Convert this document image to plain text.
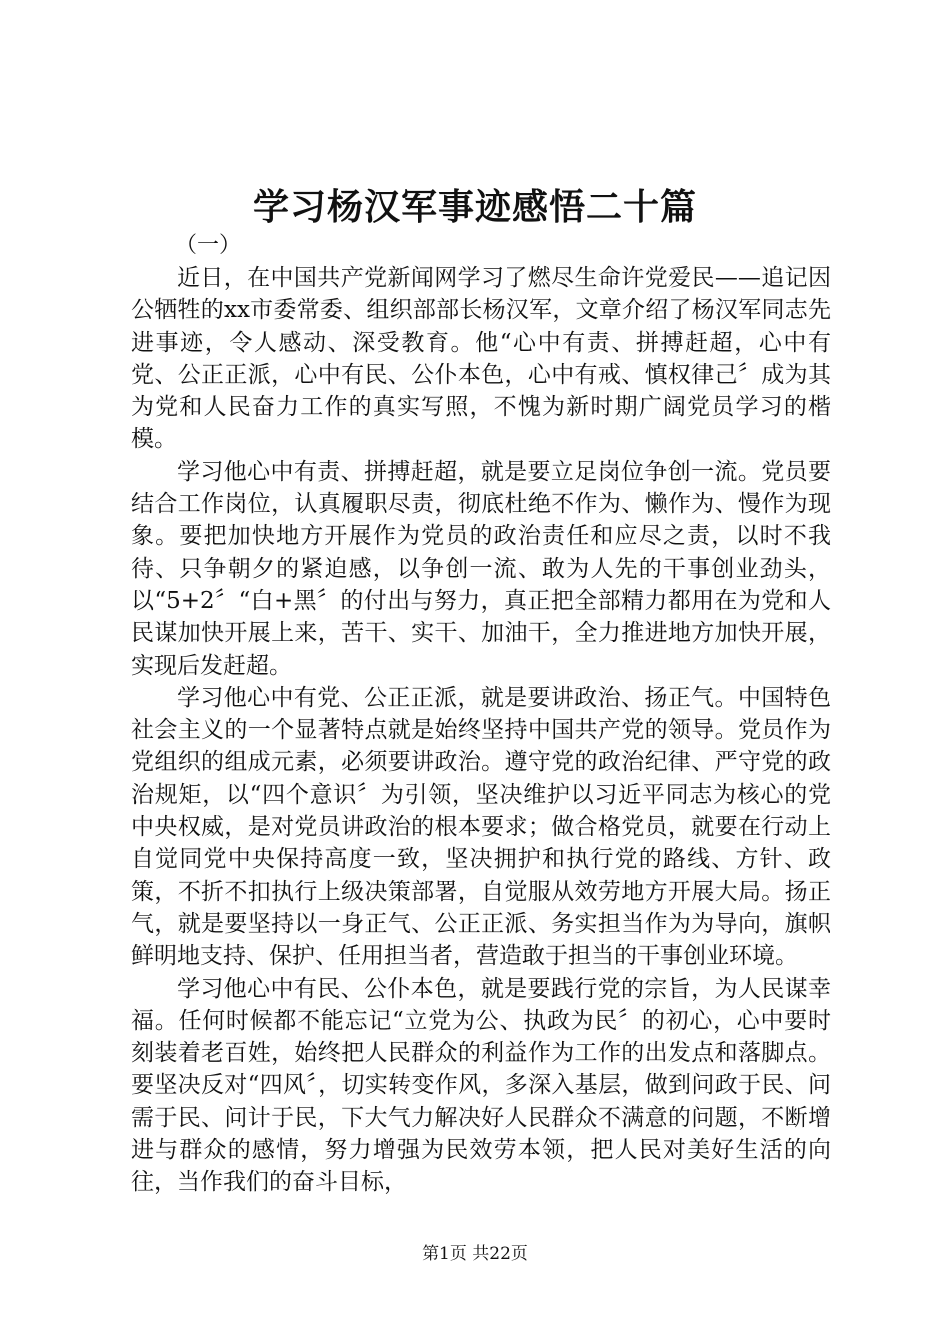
学习杨汉军事迹感悟二十篇

（一）

近日，在中国共产党新闻网学习了燃尽生命许党爱民——追记因公牺牲的xx市委常委、组织部部长杨汉军，文章介绍了杨汉军同志先进事迹，令人感动、深受教育。他“心中有责、拼搏赶超，心中有党、公正正派，心中有民、公仆本色，心中有戒、慎权律己〞成为其为党和人民奋力工作的真实写照，不愧为新时期广阔党员学习的楷模。

学习他心中有责、拼搏赶超，就是要立足岗位争创一流。党员要结合工作岗位，认真履职尽责，彻底杜绝不作为、懒作为、慢作为现象。要把加快地方开展作为党员的政治责任和应尽之责，以时不我待、只争朝夕的紧迫感，以争创一流、敢为人先的干事创业劲头，以“5+2〞“白+黑〞的付出与努力，真正把全部精力都用在为党和人民谋加快开展上来，苦干、实干、加油干，全力推进地方加快开展，实现后发赶超。

学习他心中有党、公正正派，就是要讲政治、扬正气。中国特色社会主义的一个显著特点就是始终坚持中国共产党的领导。党员作为党组织的组成元素，必须要讲政治。遵守党的政治纪律、严守党的政治规矩，以“四个意识〞为引领，坚决维护以习近平同志为核心的党中央权威，是对党员讲政治的根本要求；做合格党员，就要在行动上自觉同党中央保持高度一致，坚决拥护和执行党的路线、方针、政策，不折不扣执行上级决策部署，自觉服从效劳地方开展大局。扬正气，就是要坚持以一身正气、公正正派、务实担当作为为导向，旗帜鲜明地支持、保护、任用担当者，营造敢于担当的干事创业环境。

学习他心中有民、公仆本色，就是要践行党的宗旨，为人民谋幸福。任何时候都不能忘记“立党为公、执政为民〞的初心，心中要时刻装着老百姓，始终把人民群众的利益作为工作的出发点和落脚点。要坚决反对“四风〞，切实转变作风，多深入基层，做到问政于民、问需于民、问计于民，下大气力解决好人民群众不满意的问题，不断增进与群众的感情，努力增强为民效劳本领，把人民对美好生活的向往，当作我们的奋斗目标，

第1页 共22页
